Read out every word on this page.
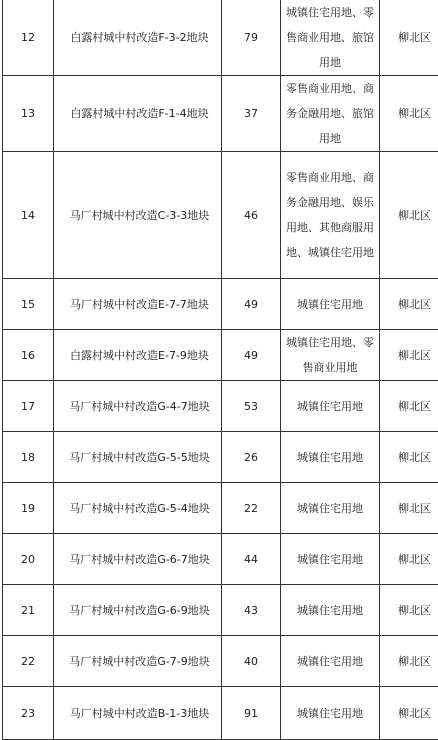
12	白露村城中村改造F-3-2地块	79	城镇住宅用地、零售商业用地、旅馆用地	柳北区
13	白露村城中村改造F-1-4地块	37	零售商业用地、商务金融用地、旅馆用地	柳北区
14	马厂村城中村改造C-3-3地块	46	零售商业用地、商务金融用地、娱乐用地、其他商服用地、城镇住宅用地	柳北区
15	马厂村城中村改造E-7-7地块	49	城镇住宅用地	柳北区
16	白露村城中村改造E-7-9地块	49	城镇住宅用地、零售商业用地	柳北区
17	马厂村城中村改造G-4-7地块	53	城镇住宅用地	柳北区
18	马厂村城中村改造G-5-5地块	26	城镇住宅用地	柳北区
19	马厂村城中村改造G-5-4地块	22	城镇住宅用地	柳北区
20	马厂村城中村改造G-6-7地块	44	城镇住宅用地	柳北区
21	马厂村城中村改造G-6-9地块	43	城镇住宅用地	柳北区
22	马厂村城中村改造G-7-9地块	40	城镇住宅用地	柳北区
23	马厂村城中村改造B-1-3地块	91	城镇住宅用地	柳北区
